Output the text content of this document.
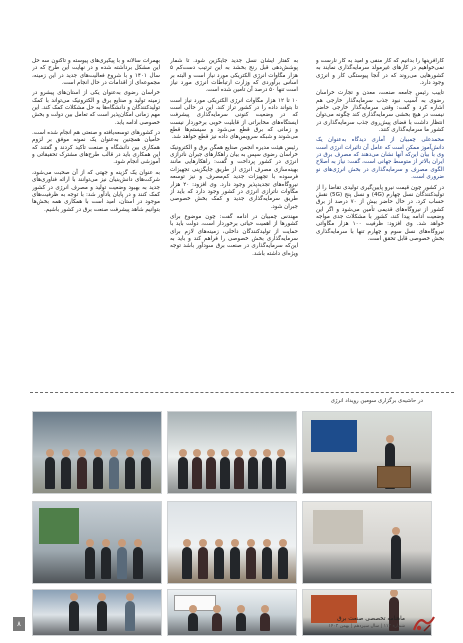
کارآفرینها را بدانیم که کار منفی و امید به کار نارست و نمی‌خواهیم در کارهای غیرمولد سرمایه‌گذاری نمایند به کشورهایی می‌روند که در آنجا پیوستگی کار و انرژی وجود دارد.

تاییب رئیس جامعه صنعت، معدن و تجارت خراسان رضوی به آسیب نبود جذب سرمایه‌گذار خارجی هم اشاره کرد و گفت: وقتی سرمایه‌گذار خارجی حاضر نیست در هیچ بخشی سرمایه‌گذاری کند چگونه می‌توان انتظار داشت با فضای پیش‌روی جذب سرمایه‌گذاری در کشور ما سرمایه‌گذاری کنند.

محمدعلی چمبیان از آماری دیدگاه به‌عنوان یک دانش‌آموز ممکن است که عامل آن تاثیرات انرژی است وی با بیان این‌که آنها نشان می‌دهند که مصرف برق در ایران بالاتر از متوسط جهانی است، گفت: نیاز به اصلاح الگوی مصرف و سرمایه‌گذاری در بخش انرژی‌های نو ضروری است.

در کشور چون قیمت نیرو پایین‌گیری تولیدی تقاضا را از تولیدکنندگان نسل چهارم (4G) و نسل پنج (5G) نقش حساب کرد. در حال حاضر بیش از ۷۰ درصد از برق کشور از نیروگاه‌های قدیمی تأمین می‌شود و اگر این وضعیت ادامه پیدا کند، کشور با مشکلات جدی مواجه خواهد شد. وی افزود: ظرفیت ۱۰۰ هزار مگاواتی نیروگاه‌های نسل سوم و چهارم تنها با سرمایه‌گذاری بخش خصوصی قابل تحقق است.

به گفتار ایشان نسل جدید جایگزین شود. تا شمار پوشش‌دهی قبل رنج بخشد به این ترتیب دست‌کم ۵ هزار مگاوات انرژی الکتریکی مورد نیاز است و البته بر اساس برآوردی که وزارت ارتباطات انرژی مورد نیاز است تنها ۵۰ درصد آن تامین شده است.

۱۰ تا ۱۲ هزار مگاوات انرژی الکتریکی مورد نیاز است تا بتواند داده را در کشور تراز کند. این در حالی است که در وضعیت کنونی سرمایه‌گذاری پیشرفت ایستگاه‌های مخابراتی از قابلیت خوبی برخوردار نیست و زمانی که برق قطع می‌شود و سیستم‌ها قطع می‌شوند و شبکه سرویس‌های داده نیز قطع خواهد شد.

رئیس هیئت مدیره انجمن صنایع همگن برق و الکترونیک خراسان رضوی سپس به بیان راهکارهای جبران ناترازی انرژی در کشور پرداخت و گفت: راهکارهایی مانند بهینه‌سازی مصرف انرژی از طریق جایگزینی تجهیزات فرسوده با تجهیزات جدید کم‌مصرف و نیز توسعه نیروگاه‌های تجدیدپذیر وجود دارد. وی افزود: ۲۰ هزار مگاوات ناترازی انرژی در کشور وجود دارد که باید از طریق سرمایه‌گذاری جدید و کمک بخش خصوصی جبران شود.

مهندس چمبیان در ادامه گفت: چون موضوع برای کشورها از اهمیت حیاتی برخوردار است، دولت باید با حمایت از تولیدکنندگان داخلی، زمینه‌های لازم برای سرمایه‌گذاری بخش خصوصی را فراهم کند و باید به این‌که سرمایه‌گذاری در صنعت برق سودآور باشد توجه ویژه‌ای داشته باشد.

بهمرات سالانه و با پیگیری‌های پیوسته و تاکنون سه حل این مشکل برداشته شده و در نهایت این طرح که در سال ۱۴۰۱ و با شروع فعالیت‌های جدید در این زمینه، مجموعه‌ای از اقدامات در حال انجام است.

خراسان رضوی به‌عنوان یکی از استان‌های پیشرو در زمینه تولید و صنایع برق و الکترونیک می‌تواند با کمک تولیدکنندگان و دانشگاه‌ها به حل مشکلات کمک کند. این مهم زمانی امکان‌پذیر است که تعامل بین دولت و بخش خصوصی ادامه یابد.

در کشورهای توسعه‌یافته و صنعتی هم انجام شده است. حامیان همچنین به‌عنوان یک نمونه موفق بر لزوم همکاری بین دانشگاه و صنعت تاکید کردند و گفتند که این همکاری باید در قالب طرح‌های مشترک تحقیقاتی و آموزشی انجام شود.

به عنوان یک گزینه و جهتی که از آن صحبت می‌شود، شرکت‌های دانش‌بنیان نیز می‌توانند با ارائه فناوری‌های جدید به بهبود وضعیت تولید و مصرف انرژی در کشور کمک کنند و در پایان یادآور شد: با توجه به ظرفیت‌های موجود در استان، امید است با همکاری همه بخش‌ها بتوانیم شاهد پیشرفت صنعت برق در کشور باشیم.

در حاشیه‌ی برگزاری سومین رویداد انرژی
۸
ماهنامه تخصصی صنعت برق
شماره ۱۱۳ | سال سیزدهم | بهمن ۱۴۰۲
